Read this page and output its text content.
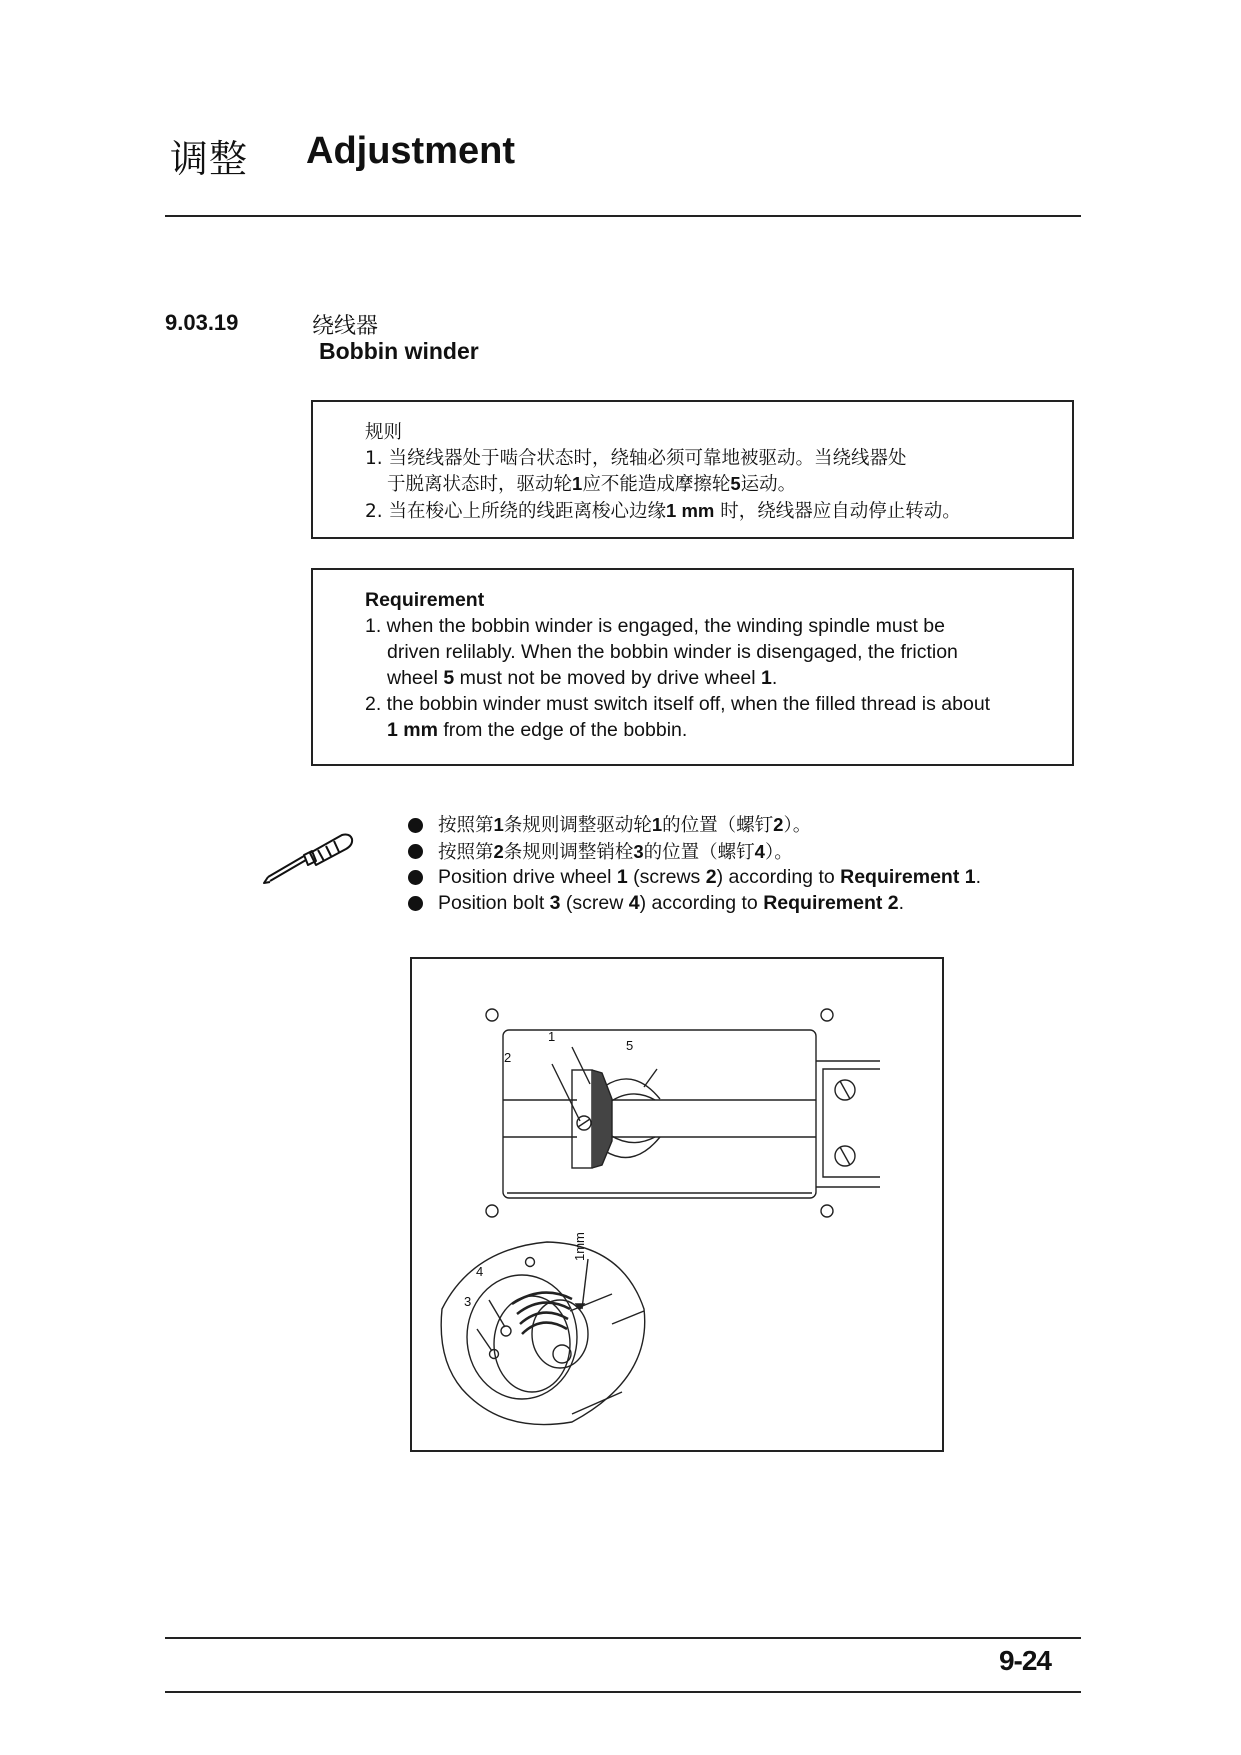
调整 Adjustment
9.03.19	绕线器
Bobbin winder
规则
1. 当绕线器处于啮合状态时，绕轴必须可靠地被驱动。当绕线器处
于脱离状态时，驱动轮1应不能造成摩擦轮5运动。
2. 当在梭心上所绕的线距离梭心边缘1 mm 时，绕线器应自动停止转动。
Requirement
1. when the bobbin winder is engaged, the winding spindle must be
driven relilably. When the bobbin winder is disengaged, the friction
wheel 5 must not be moved by drive wheel 1.
2. the bobbin winder must switch itself off, when the filled thread is about
1 mm from the edge of the bobbin.
按照第1条规则调整驱动轮1的位置（螺钉2）。
按照第2条规则调整销栓3的位置（螺钉4）。
Position drive wheel 1 (screws 2) according to Requirement 1.
Position bolt 3 (screw 4) according to Requirement 2.
1
2
5
3
4
1mm
9-24
